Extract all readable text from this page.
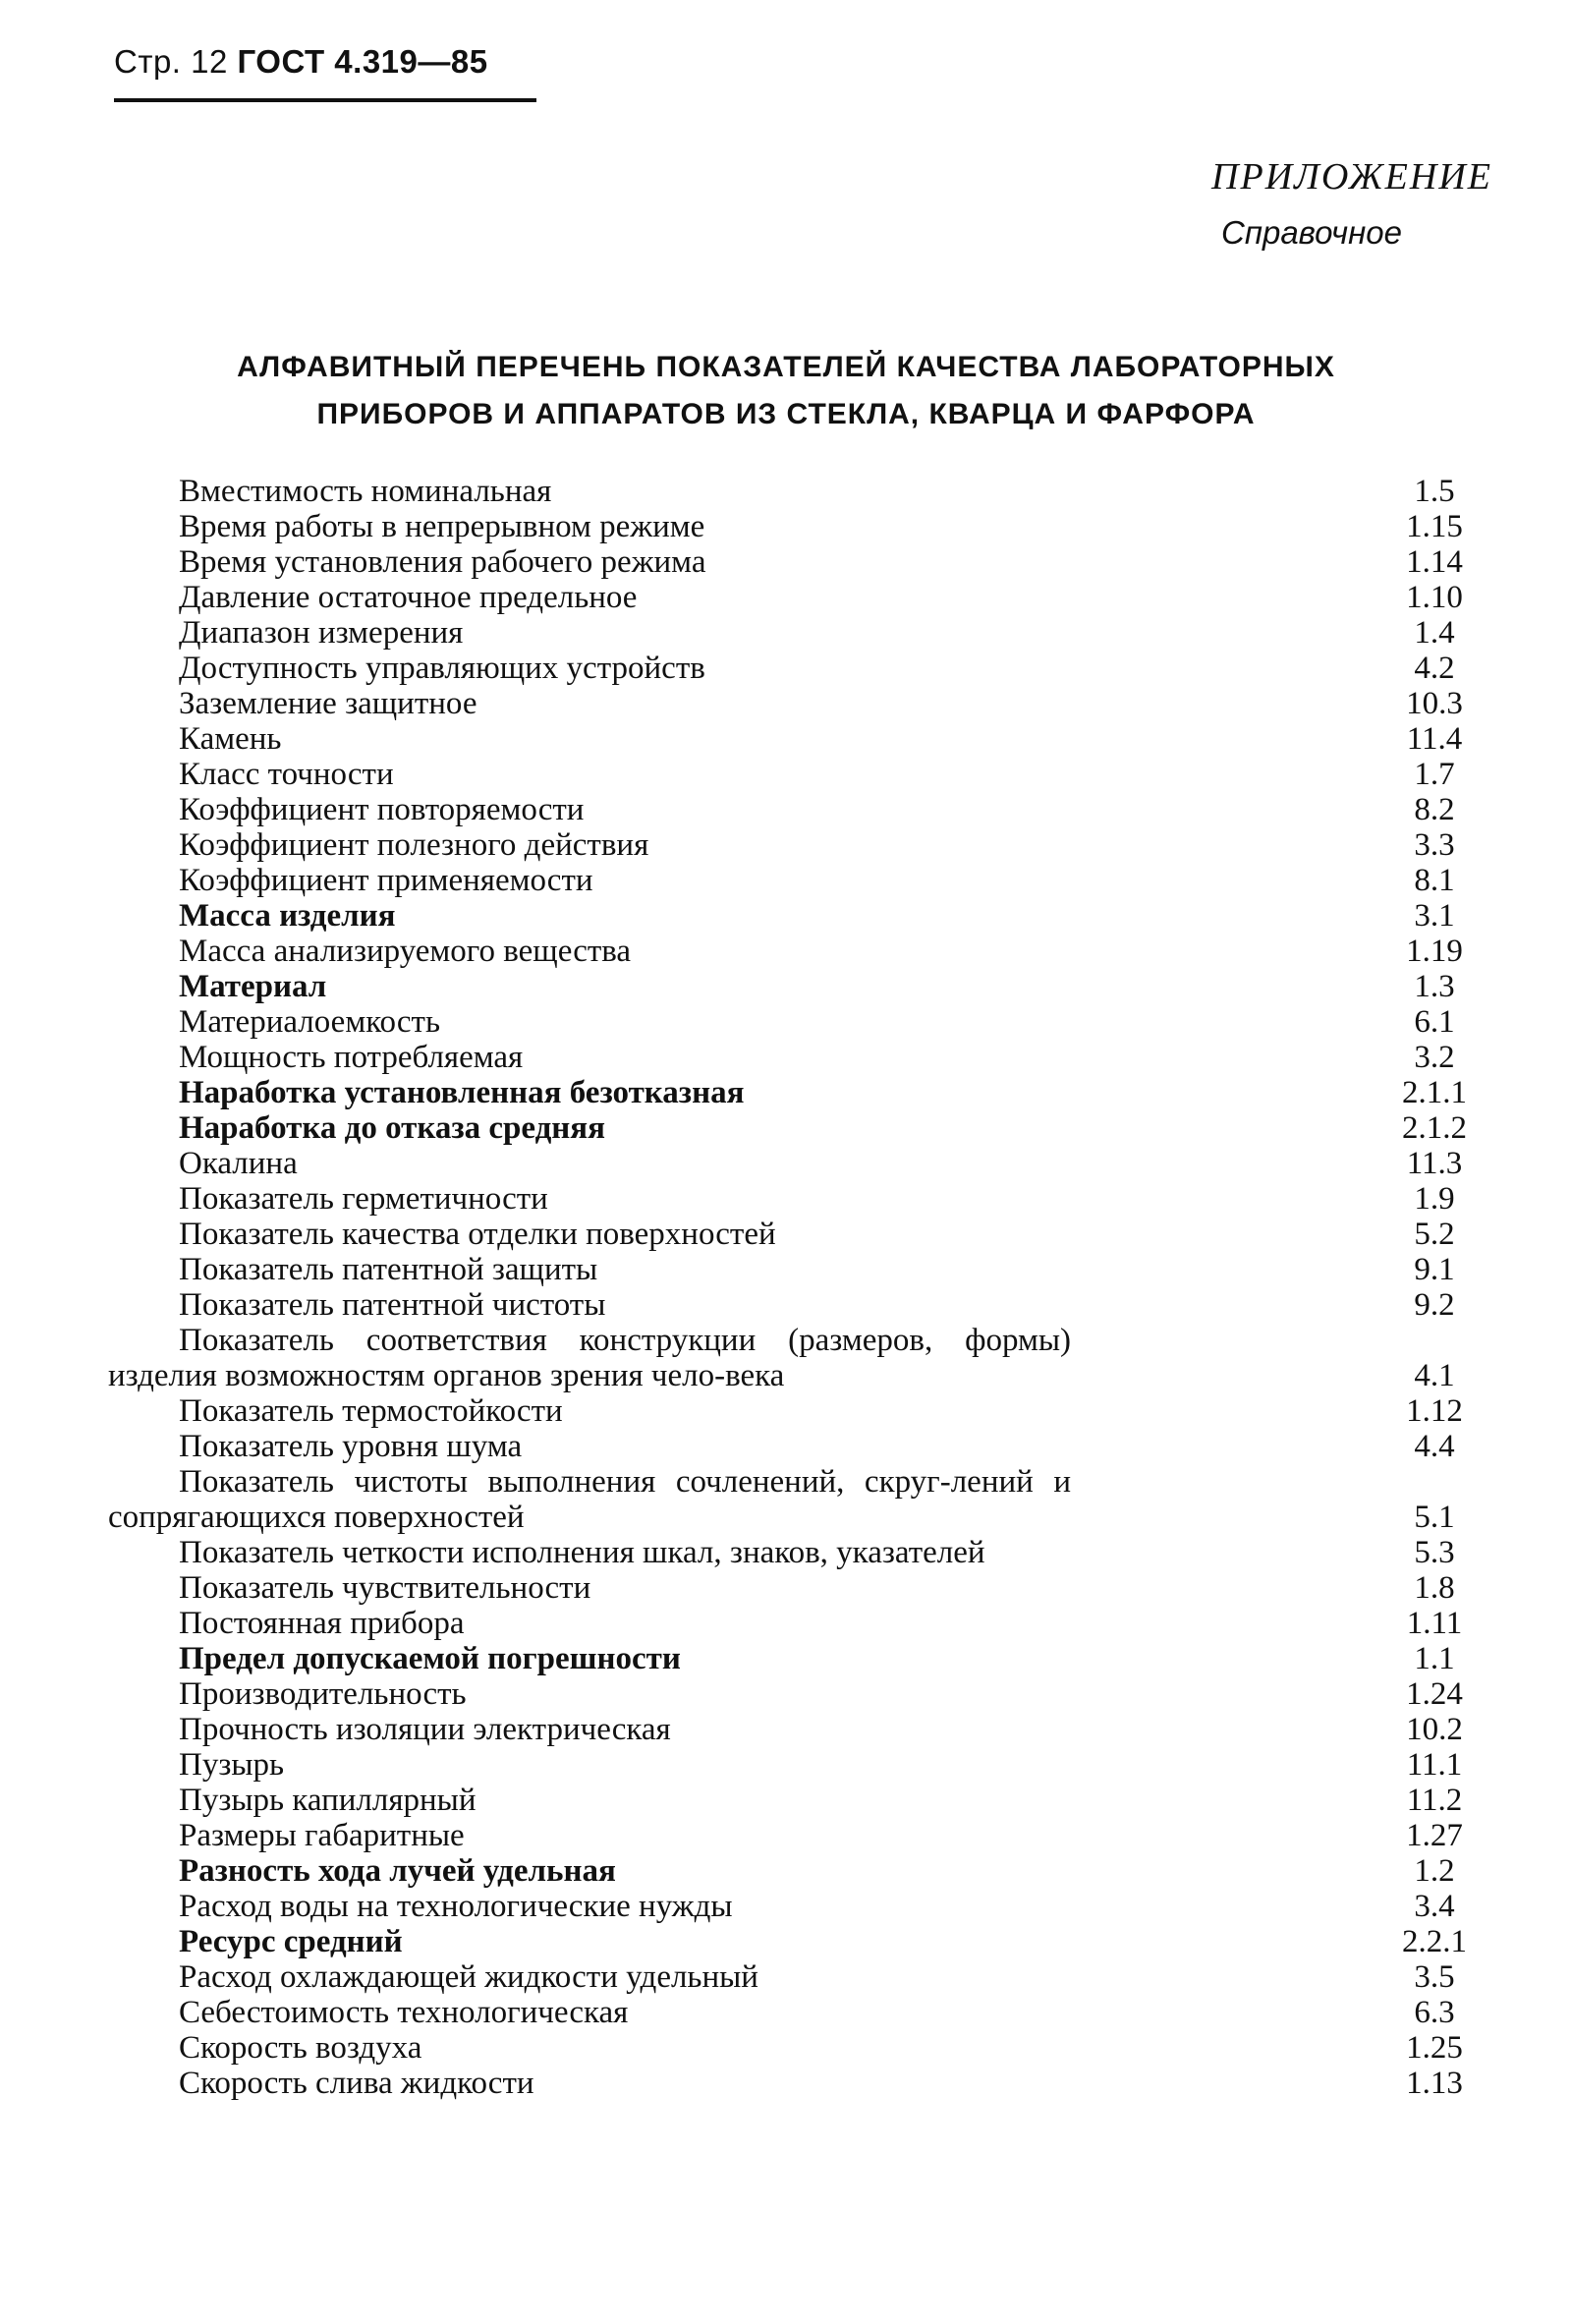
Стр. 12 ГОСТ 4.319—85
ПРИЛОЖЕНИЕ
Справочное
АЛФАВИТНЫЙ ПЕРЕЧЕНЬ ПОКАЗАТЕЛЕЙ КАЧЕСТВА ЛАБОРАТОРНЫХ
ПРИБОРОВ И АППАРАТОВ ИЗ СТЕКЛА, КВАРЦА И ФАРФОРА
Вместимость номинальная	1.5
Время работы в непрерывном режиме	1.15
Время установления рабочего режима	1.14
Давление остаточное предельное	1.10
Диапазон измерения	1.4
Доступность управляющих устройств	4.2
Заземление защитное	10.3
Камень	11.4
Класс точности	1.7
Коэффициент повторяемости	8.2
Коэффициент полезного действия	3.3
Коэффициент применяемости	8.1
Масса изделия	3.1
Масса анализируемого вещества	1.19
Материал	1.3
Материалоемкость	6.1
Мощность потребляемая	3.2
Наработка установленная безотказная	2.1.1
Наработка до отказа средняя	2.1.2
Окалина	11.3
Показатель герметичности	1.9
Показатель качества отделки поверхностей	5.2
Показатель патентной защиты	9.1
Показатель патентной чистоты	9.2
Показатель соответствия конструкции (размеров, формы) изделия возможностям органов зрения чело-века	4.1
Показатель термостойкости	1.12
Показатель уровня шума	4.4
Показатель чистоты выполнения сочленений, скруг-лений и сопрягающихся поверхностей	5.1
Показатель четкости исполнения шкал, знаков, указателей	5.3
Показатель чувствительности	1.8
Постоянная прибора	1.11
Предел допускаемой погрешности	1.1
Производительность	1.24
Прочность изоляции электрическая	10.2
Пузырь	11.1
Пузырь капиллярный	11.2
Размеры габаритные	1.27
Разность хода лучей удельная	1.2
Расход воды на технологические нужды	3.4
Ресурс средний	2.2.1
Расход охлаждающей жидкости удельный	3.5
Себестоимость технологическая	6.3
Скорость воздуха	1.25
Скорость слива жидкости	1.13
